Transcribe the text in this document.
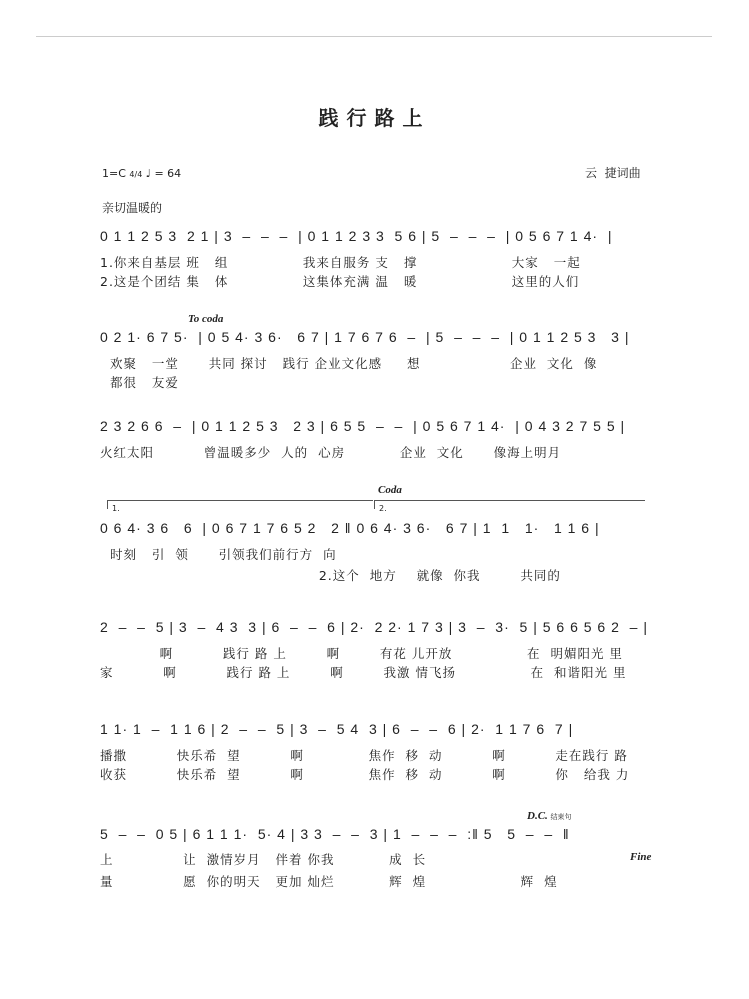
践行路上
1=C 4/4 ♩ = 64	云  捷词曲
亲切温暖的
To coda
Coda
1.	2.
D.C. 结束句
Fine
0 1 1 2 5 3  2 1 | 3  –  –  –  | 0 1 1 2 3 3  5 6 | 5  –  –  –  | 0 5 6 7 1 4·  |
1.你来自基层 班   组               我来自服务 支   撑                   大家   一起
2.这是个团结 集   体               这集体充满 温   暖                   这里的人们
0 2 1· 6 7 5·  | 0 5 4· 3 6·   6 7 | 1 7 6 7 6  –  | 5  –  –  –  | 0 1 1 2 5 3   3 |
欢聚   一堂      共同 探讨   践行 企业文化感     想                  企业  文化  像
都很   友爱
2 3 2 6 6  –  | 0 1 1 2 5 3   2 3 | 6 5 5  –  –  | 0 5 6 7 1 4·  | 0 4 3 2 7 5 5 |
火红太阳          曾温暖多少  人的  心房           企业  文化      像海上明月
0 6 4· 3 6   6  | 0 6 7 1 7 6 5 2   2 ‖ 0 6 4· 3 6·   6 7 | 1  1   1·   1 1 6 |
时刻   引  领      引领我们前行方  向
2.这个  地方    就像  你我        共同的
2  –  –  5 | 3  –  4 3  3 | 6  –  –  6 | 2·  2 2· 1 7 3 | 3  –  3·  5 | 5 6 6 5 6 2  – |
啊          践行 路 上        啊        有花 儿开放               在  明媚阳光 里
家          啊          践行 路 上        啊        我激 情飞扬               在  和谐阳光 里
1 1· 1  –  1 1 6 | 2  –  –  5 | 3  –  5 4  3 | 6  –  –  6 | 2·  1 1 7 6  7 |
播撒          快乐希  望          啊             焦作  移  动          啊          走在践行 路
收获          快乐希  望          啊             焦作  移  动          啊          你   给我 力
5  –  –  0 5 | 6 1 1 1·  5· 4 | 3 3  –  –  3 | 1  –  –  –  :‖ 5   5  –  –  ‖
上              让  激情岁月   伴着 你我           成  长
量              愿  你的明天   更加 灿烂           辉  煌                   辉  煌
